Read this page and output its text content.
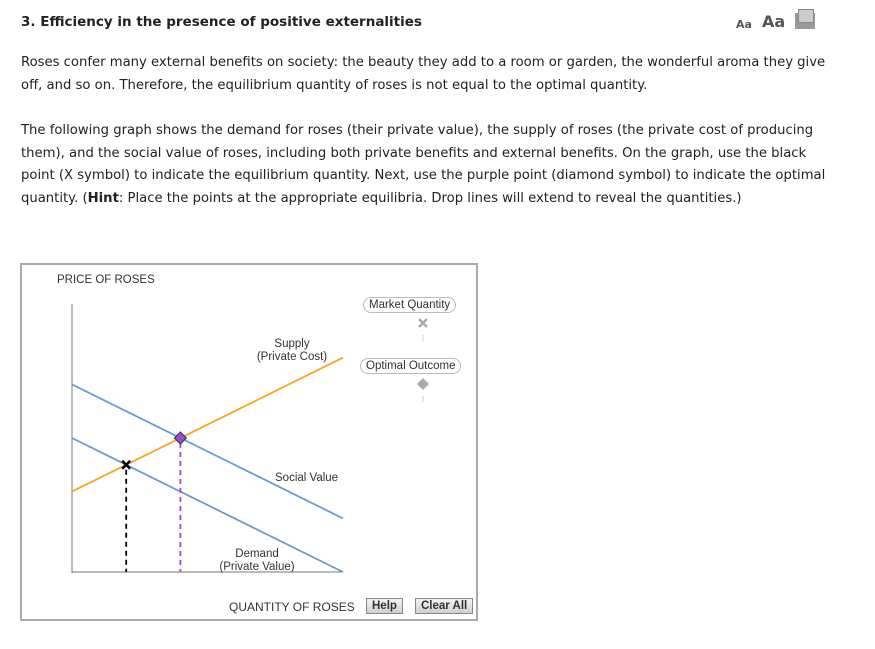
3. Efficiency in the presence of positive externalities	Aa Aa

Roses confer many external benefits on society: the beauty they add to a room or garden, the wonderful aroma they give off, and so on. Therefore, the equilibrium quantity of roses is not equal to the optimal quantity.

The following graph shows the demand for roses (their private value), the supply of roses (the private cost of producing them), and the social value of roses, including both private benefits and external benefits. On the graph, use the black point (X symbol) to indicate the equilibrium quantity. Next, use the purple point (diamond symbol) to indicate the optimal quantity. (Hint: Place the points at the appropriate equilibria. Drop lines will extend to reveal the quantities.)

PRICE OF ROSES
Supply
(Private Cost)
Social Value
Demand
(Private Value)
Market Quantity
Optimal Outcome
QUANTITY OF ROSES	Help	Clear All
